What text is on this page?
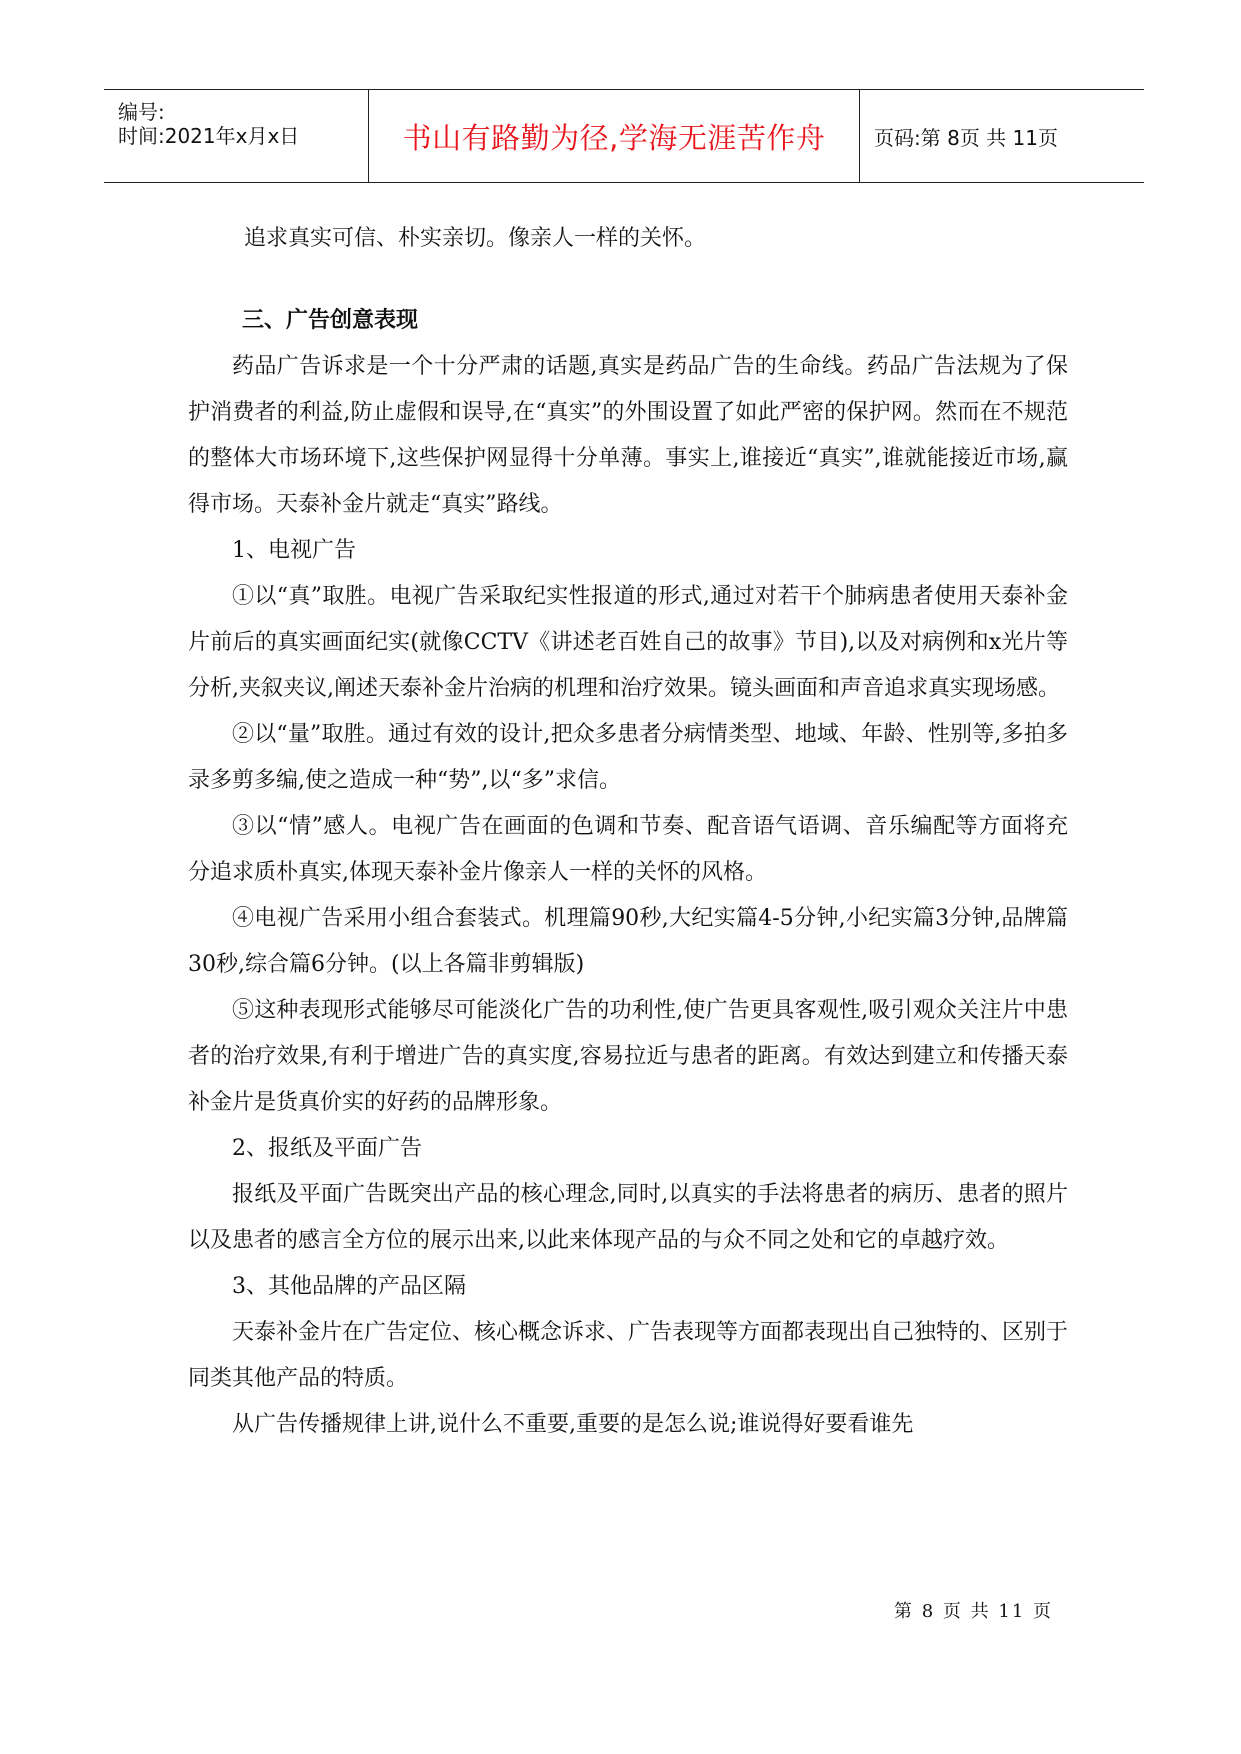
编号:
时间:2021年x月x日	书山有路勤为径,学海无涯苦作舟	页码:第 8页 共 11页

追求真实可信、朴实亲切。像亲人一样的关怀。

三、广告创意表现

药品广告诉求是一个十分严肃的话题,真实是药品广告的生命线。药品广告法规为了保护消费者的利益,防止虚假和误导,在“真实”的外围设置了如此严密的保护网。然而在不规范的整体大市场环境下,这些保护网显得十分单薄。事实上,谁接近“真实”,谁就能接近市场,赢得市场。天泰补金片就走“真实”路线。

1、电视广告

①以“真”取胜。电视广告采取纪实性报道的形式,通过对若干个肺病患者使用天泰补金片前后的真实画面纪实(就像CCTV《讲述老百姓自己的故事》节目),以及对病例和x光片等分析,夹叙夹议,阐述天泰补金片治病的机理和治疗效果。镜头画面和声音追求真实现场感。

②以“量”取胜。通过有效的设计,把众多患者分病情类型、地域、年龄、性别等,多拍多录多剪多编,使之造成一种“势”,以“多”求信。

③以“情”感人。电视广告在画面的色调和节奏、配音语气语调、音乐编配等方面将充分追求质朴真实,体现天泰补金片像亲人一样的关怀的风格。

④电视广告采用小组合套装式。机理篇90秒,大纪实篇4-5分钟,小纪实篇3分钟,品牌篇30秒,综合篇6分钟。(以上各篇非剪辑版)

⑤这种表现形式能够尽可能淡化广告的功利性,使广告更具客观性,吸引观众关注片中患者的治疗效果,有利于增进广告的真实度,容易拉近与患者的距离。有效达到建立和传播天泰补金片是货真价实的好药的品牌形象。

2、报纸及平面广告

报纸及平面广告既突出产品的核心理念,同时,以真实的手法将患者的病历、患者的照片以及患者的感言全方位的展示出来,以此来体现产品的与众不同之处和它的卓越疗效。

3、其他品牌的产品区隔

天泰补金片在广告定位、核心概念诉求、广告表现等方面都表现出自己独特的、区别于同类其他产品的特质。

从广告传播规律上讲,说什么不重要,重要的是怎么说;谁说得好要看谁先

第 8 页 共 11 页
